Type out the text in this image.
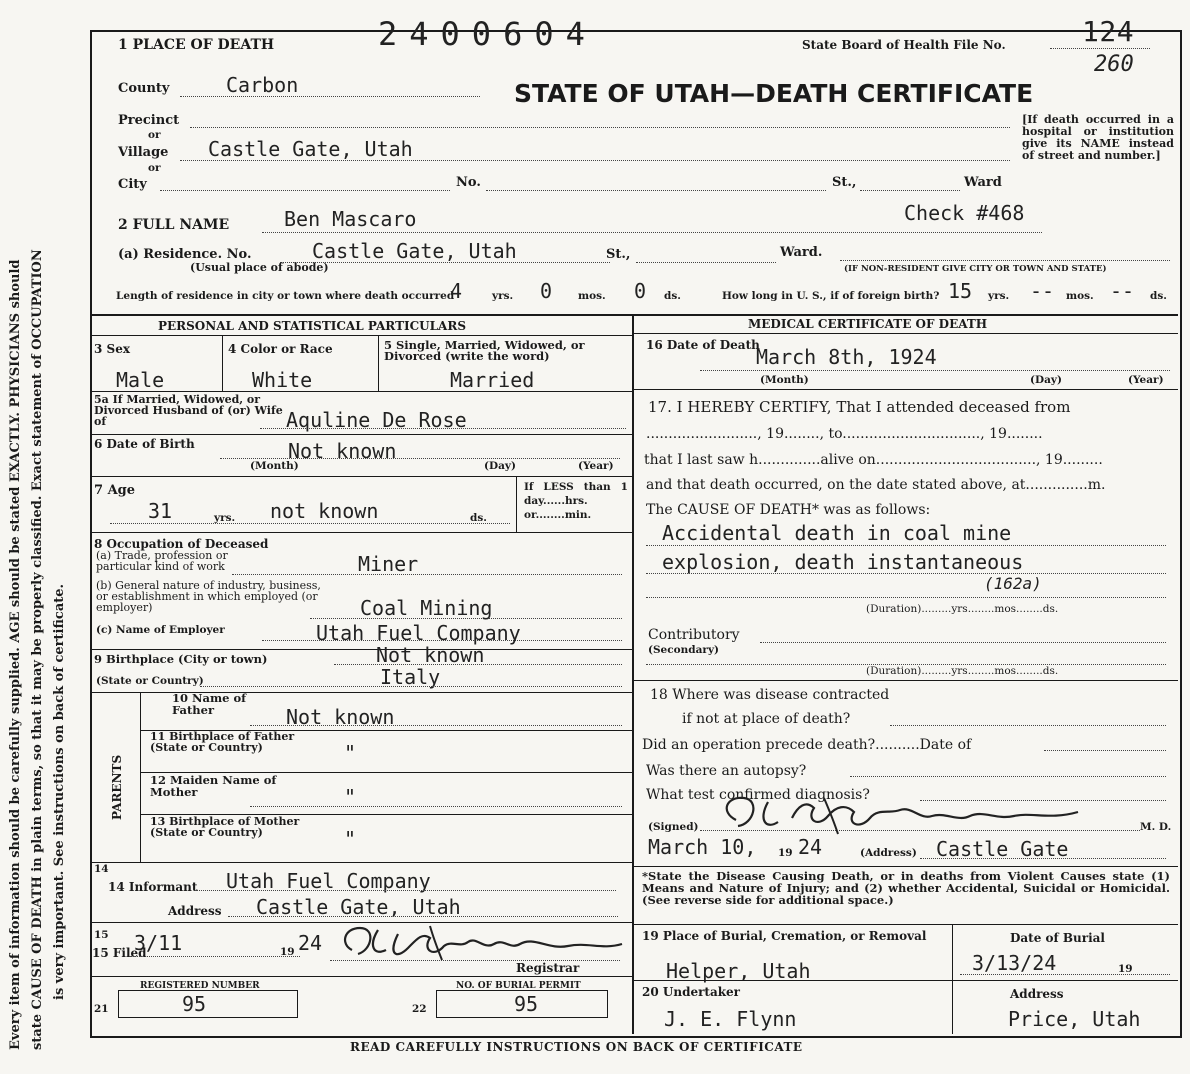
Every item of information should be carefully supplied. AGE should be stated EXACTLY. PHYSICIANS should state CAUSE OF DEATH in plain terms, so that it may be properly classified. Exact statement of OCCUPATION is very important. See instructions on back of certificate.
1 PLACE OF DEATH	2400604	State Board of Health File No.	124
260
STATE OF UTAH—DEATH CERTIFICATE
County	Carbon
Precinct
or
Village Castle Gate, Utah
or
City	No.	St.,	Ward
[If death occurred in a hospital or institution give its NAME instead of street and number.]
2 FULL NAME	Ben Mascaro	Check #468
(a) Residence. No.	Castle Gate, Utah	St.,	Ward.
(Usual place of abode)	(IF NON-RESIDENT GIVE CITY OR TOWN AND STATE)
Length of residence in city or town where death occurred
4	yrs. 0 mos. 0 ds.	How long in U. S., if of foreign birth? 15 yrs. -- mos. -- ds.
PERSONAL AND STATISTICAL PARTICULARS
3 Sex
Male
4 Color or Race
White
5 Single, Married, Widowed, or Divorced (write the word)
Married
5a If Married, Widowed, or Divorced Husband of (or) Wife of	Aquline De Rose
6 Date of Birth	Not known
(Month)	(Day)	(Year)
7 Age
31	yrs. not known	ds.
If LESS than 1 day......hrs. or........min.
8 Occupation of Deceased
(a) Trade, profession or particular kind of work	Miner
(b) General nature of industry, business, or establishment in which employed (or employer)	Coal Mining
(c) Name of Employer	Utah Fuel Company
9 Birthplace (City or town)	Not known
(State or Country)	Italy
PARENTS
10 Name of Father	Not known
11 Birthplace of Father (State or Country)	"
12 Maiden Name of Mother	"
13 Birthplace of Mother (State or Country)	"
14
14 Informant Utah Fuel Company
Address Castle Gate, Utah
15
15 Filed
3/11	19 24
Registrar
REGISTERED NUMBER
21	95
NO. OF BURIAL PERMIT
22	95
MEDICAL CERTIFICATE OF DEATH
16 Date of Death
March 8th, 1924
(Month)	(Day)	(Year)
17. I HEREBY CERTIFY, That I attended deceased from
........................., 19........, to..............................., 19........
that I last saw h..............alive on...................................., 19.........
and that death occurred, on the date stated above, at..............m.
The CAUSE OF DEATH* was as follows:
Accidental death in coal mine
explosion, death instantaneous
(162a)
(Duration).........yrs........mos........ds.
Contributory
(Secondary)
(Duration).........yrs........mos........ds.
18 Where was disease contracted
if not at place of death?
Did an operation precede death?..........Date of
Was there an autopsy?
What test confirmed diagnosis?
(Signed)	M. D.
March 10, 19 24	(Address) Castle Gate
*State the Disease Causing Death, or in deaths from Violent Causes state (1) Means and Nature of Injury; and (2) whether Accidental, Suicidal or Homicidal. (See reverse side for additional space.)
19 Place of Burial, Cremation, or Removal
Helper, Utah
Date of Burial
3/13/24	19
20 Undertaker
J. E. Flynn
Address
Price, Utah
READ CAREFULLY INSTRUCTIONS ON BACK OF CERTIFICATE
